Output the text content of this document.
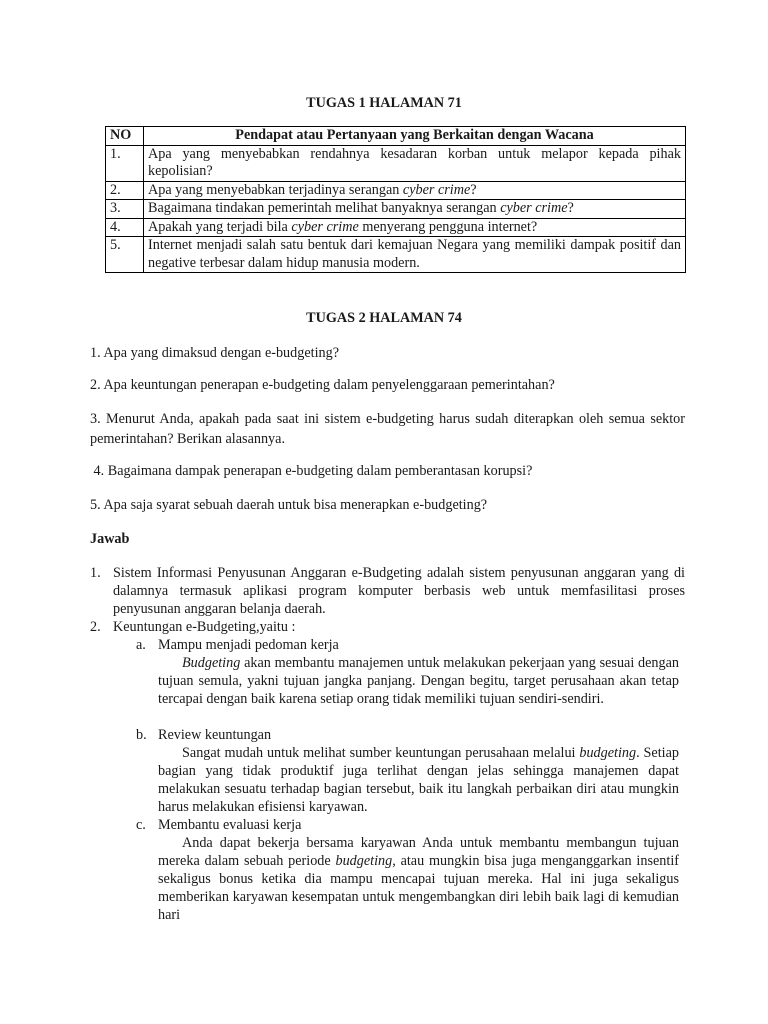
TUGAS 1 HALAMAN 71
NO	Pendapat atau Pertanyaan yang Berkaitan dengan Wacana
1.	Apa yang menyebabkan rendahnya kesadaran korban untuk melapor kepada pihak kepolisian?
2.	Apa yang menyebabkan terjadinya serangan cyber crime?
3.	Bagaimana tindakan pemerintah melihat banyaknya serangan cyber crime?
4.	Apakah yang terjadi bila cyber crime menyerang pengguna internet?
5.	Internet menjadi salah satu bentuk dari kemajuan Negara yang memiliki dampak positif dan negative terbesar dalam hidup manusia modern.
TUGAS 2 HALAMAN 74
1. Apa yang dimaksud dengan e-budgeting?
2. Apa keuntungan penerapan e-budgeting dalam penyelenggaraan pemerintahan?
3. Menurut Anda, apakah pada saat ini sistem e-budgeting harus sudah diterapkan oleh semua sektor pemerintahan? Berikan alasannya.
4. Bagaimana dampak penerapan e-budgeting dalam pemberantasan korupsi?
5. Apa saja syarat sebuah daerah untuk bisa menerapkan e-budgeting?
Jawab
1. Sistem Informasi Penyusunan Anggaran e-Budgeting adalah sistem penyusunan anggaran yang di dalamnya termasuk aplikasi program komputer berbasis web untuk memfasilitasi proses penyusunan anggaran belanja daerah.
2. Keuntungan e-Budgeting,yaitu :
a. Mampu menjadi pedoman kerja
Budgeting akan membantu manajemen untuk melakukan pekerjaan yang sesuai dengan tujuan semula, yakni tujuan jangka panjang. Dengan begitu, target perusahaan akan tetap tercapai dengan baik karena setiap orang tidak memiliki tujuan sendiri-sendiri.
b. Review keuntungan
Sangat mudah untuk melihat sumber keuntungan perusahaan melalui budgeting. Setiap bagian yang tidak produktif juga terlihat dengan jelas sehingga manajemen dapat melakukan sesuatu terhadap bagian tersebut, baik itu langkah perbaikan diri atau mungkin harus melakukan efisiensi karyawan.
c. Membantu evaluasi kerja
Anda dapat bekerja bersama karyawan Anda untuk membantu membangun tujuan mereka dalam sebuah periode budgeting, atau mungkin bisa juga menganggarkan insentif sekaligus bonus ketika dia mampu mencapai tujuan mereka. Hal ini juga sekaligus memberikan karyawan kesempatan untuk mengembangkan diri lebih baik lagi di kemudian hari
